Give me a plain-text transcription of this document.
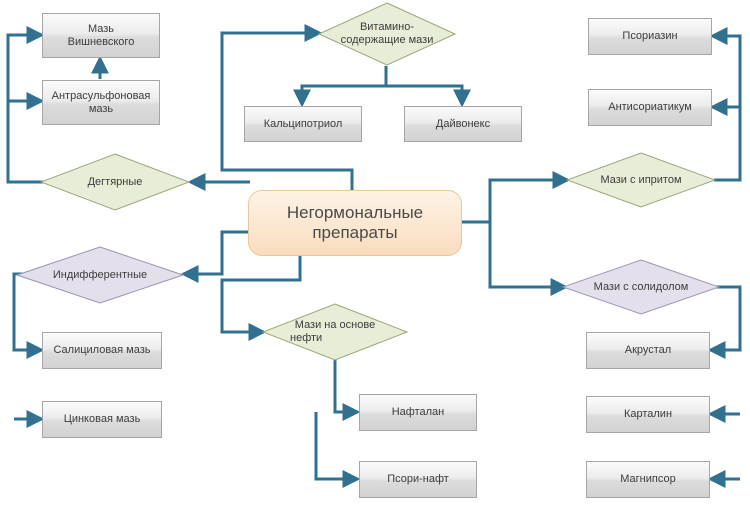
Негормональные
препараты
Витамино-
содержащие мази
Кальципотриол	Дайвонекс
Мазь
Вишневского
Антрасульфоновая
мазь
Дегтярные
Индифферентные
Салициловая мазь
Цинковая мазь
Мази на основе
нефти
Нафталан
Псори-нафт
Псориазин
Антисориатикум
Мази с ипритом
Мази с солидолом
Акрустал
Карталин
Магнипсор
